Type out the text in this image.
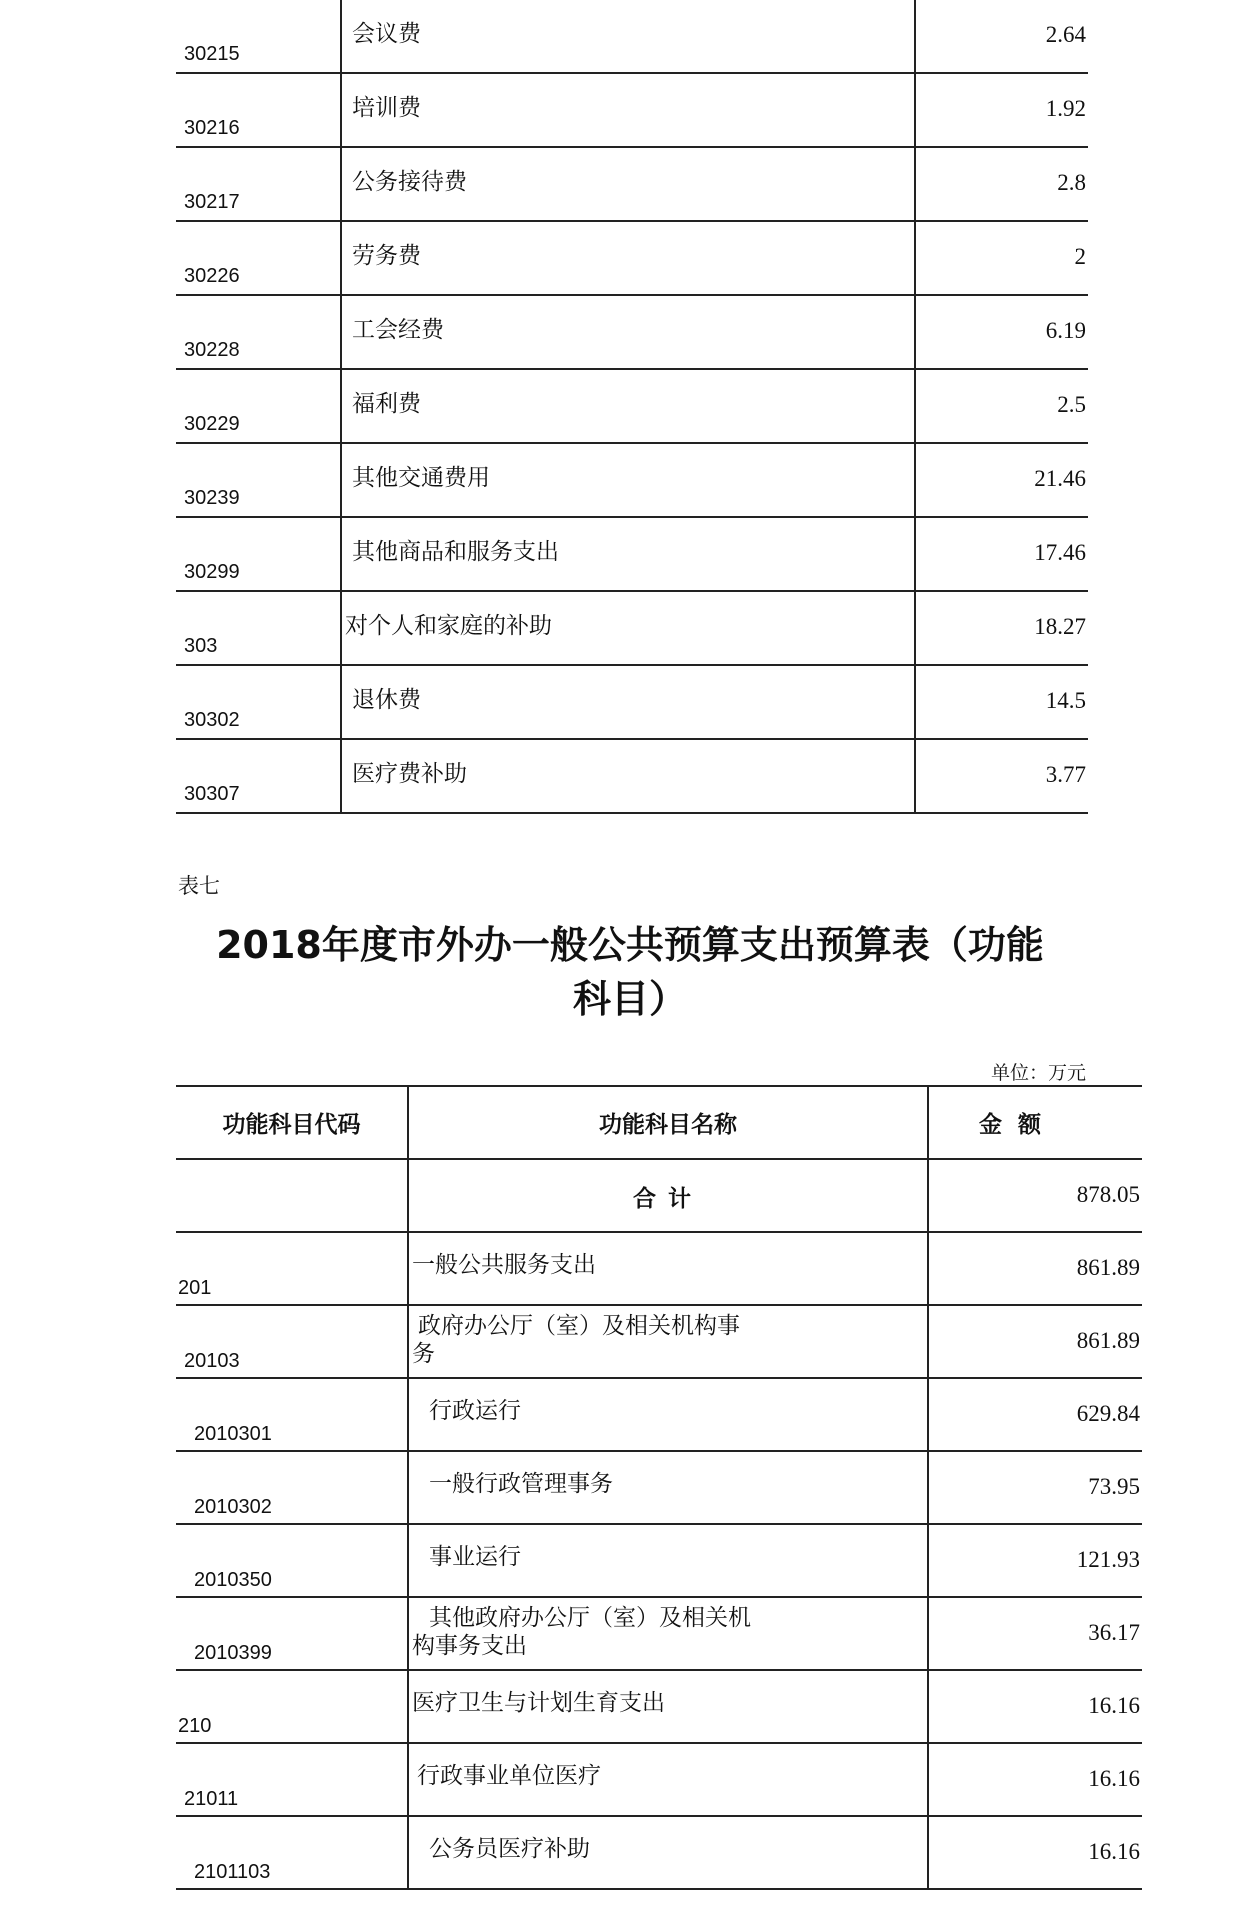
30215	会议费	2.64

30216	培训费	1.92

30217	公务接待费	2.8

30226	劳务费	2

30228	工会经费	6.19

30229	福利费	2.5

30239	其他交通费用	21.46

30299	其他商品和服务支出	17.46

303	对个人和家庭的补助	18.27

30302	退休费	14.5

30307	医疗费补助	3.77
表七
2018年度市外办一般公共预算支出预算表（功能
科目）
单位：万元
功能科目代码	功能科目名称	金  额

	合计	878.05

201	一般公共服务支出	861.89

20103	政府办公厅（室）及相关机构事务	861.89

2010301	行政运行	629.84

2010302	一般行政管理事务	73.95

2010350	事业运行	121.93

2010399	其他政府办公厅（室）及相关机构事务支出	36.17

210	医疗卫生与计划生育支出	16.16

21011	行政事业单位医疗	16.16

2101103	公务员医疗补助	16.16
